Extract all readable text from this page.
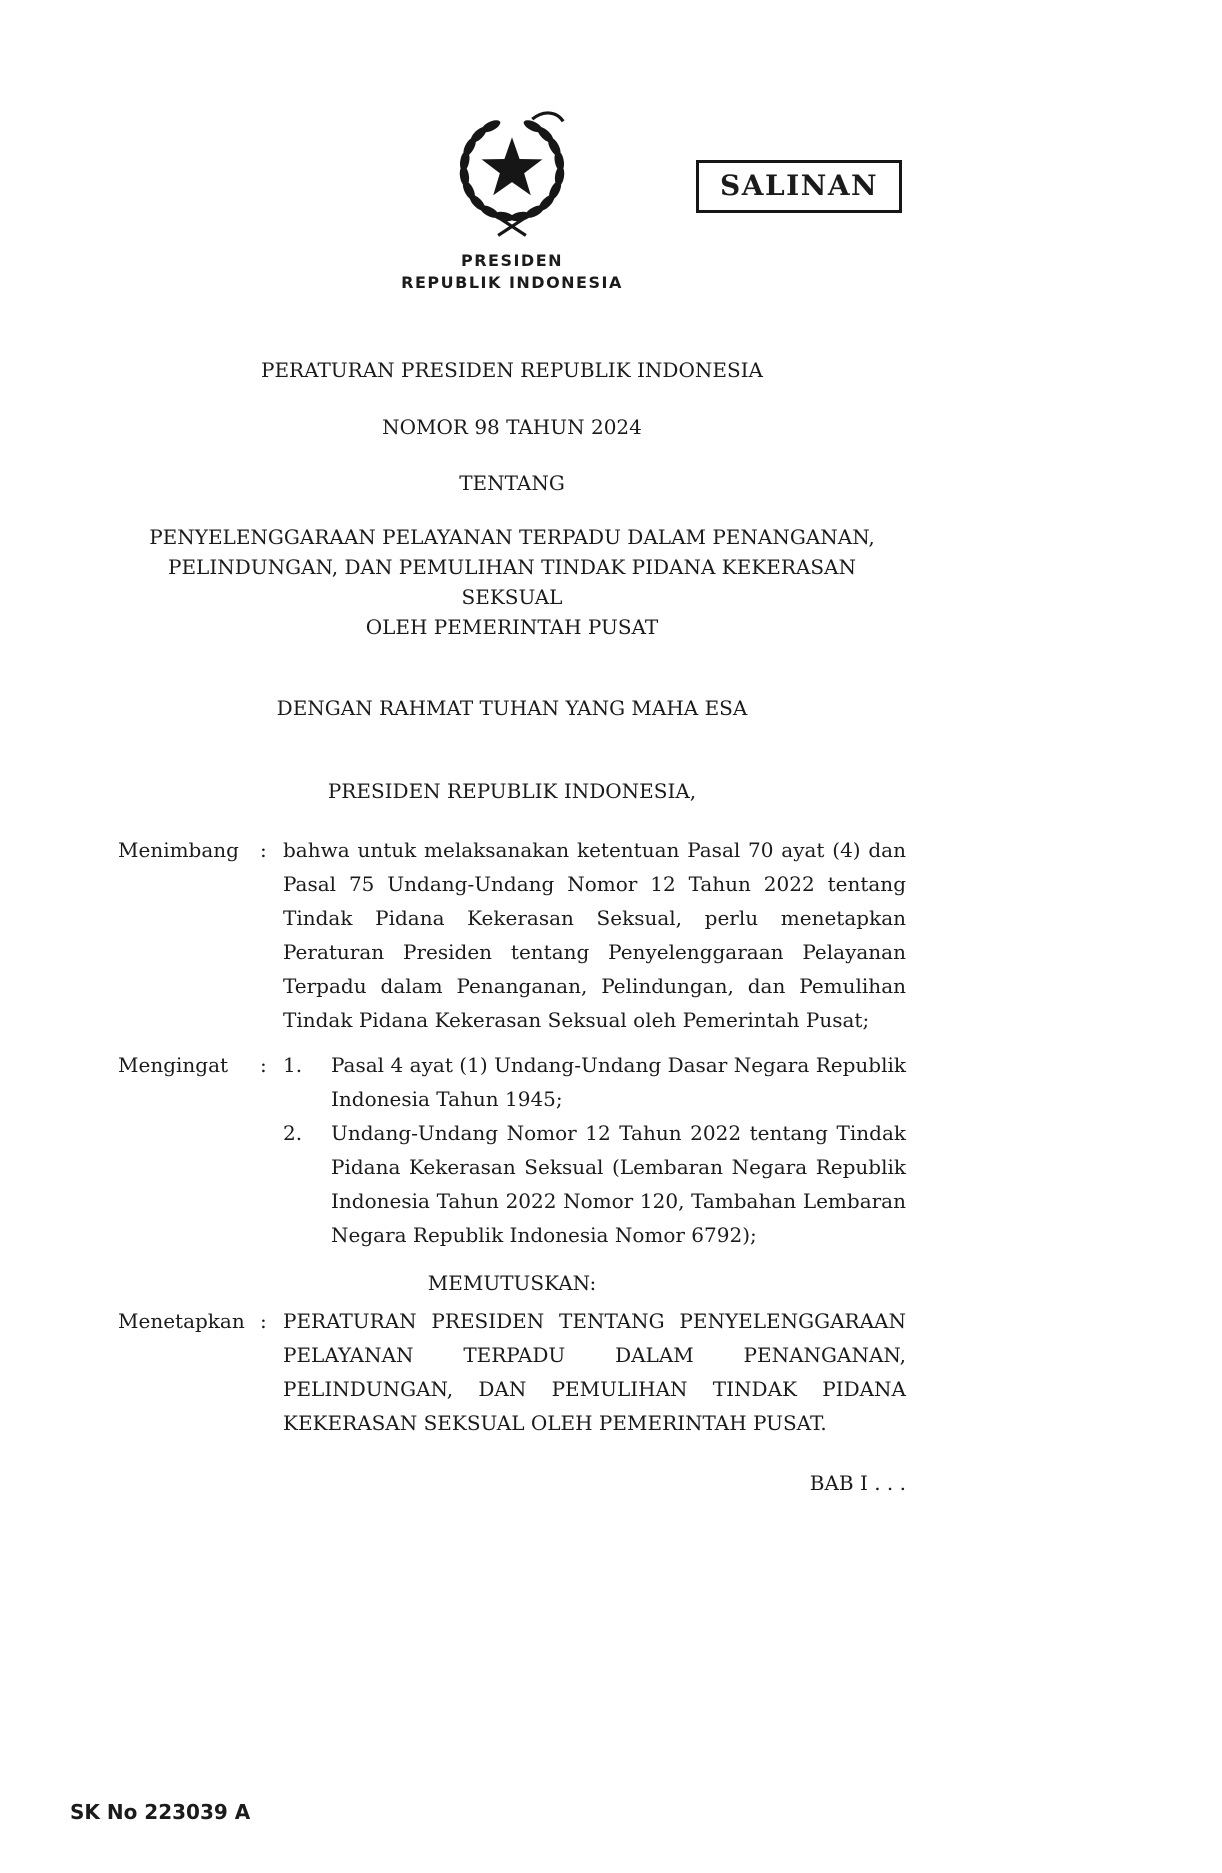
SALINAN
PRESIDEN
REPUBLIK INDONESIA
PERATURAN PRESIDEN REPUBLIK INDONESIA
NOMOR 98 TAHUN 2024
TENTANG
PENYELENGGARAAN PELAYANAN TERPADU DALAM PENANGANAN,
PELINDUNGAN, DAN PEMULIHAN TINDAK PIDANA KEKERASAN SEKSUAL
OLEH PEMERINTAH PUSAT
DENGAN RAHMAT TUHAN YANG MAHA ESA
PRESIDEN REPUBLIK INDONESIA,
Menimbang	: bahwa untuk melaksanakan ketentuan Pasal 70 ayat (4) dan Pasal 75 Undang-Undang Nomor 12 Tahun 2022 tentang Tindak Pidana Kekerasan Seksual, perlu menetapkan Peraturan Presiden tentang Penyelenggaraan Pelayanan Terpadu dalam Penanganan, Pelindungan, dan Pemulihan Tindak Pidana Kekerasan Seksual oleh Pemerintah Pusat;
Mengingat	: 1.	Pasal 4 ayat (1) Undang-Undang Dasar Negara Republik Indonesia Tahun 1945;
2.	Undang-Undang Nomor 12 Tahun 2022 tentang Tindak Pidana Kekerasan Seksual (Lembaran Negara Republik Indonesia Tahun 2022 Nomor 120, Tambahan Lembaran Negara Republik Indonesia Nomor 6792);
MEMUTUSKAN:
Menetapkan : PERATURAN PRESIDEN TENTANG PENYELENGGARAAN PELAYANAN TERPADU DALAM PENANGANAN, PELINDUNGAN, DAN PEMULIHAN TINDAK PIDANA KEKERASAN SEKSUAL OLEH PEMERINTAH PUSAT.
BAB I . . .
SK No 223039 A
